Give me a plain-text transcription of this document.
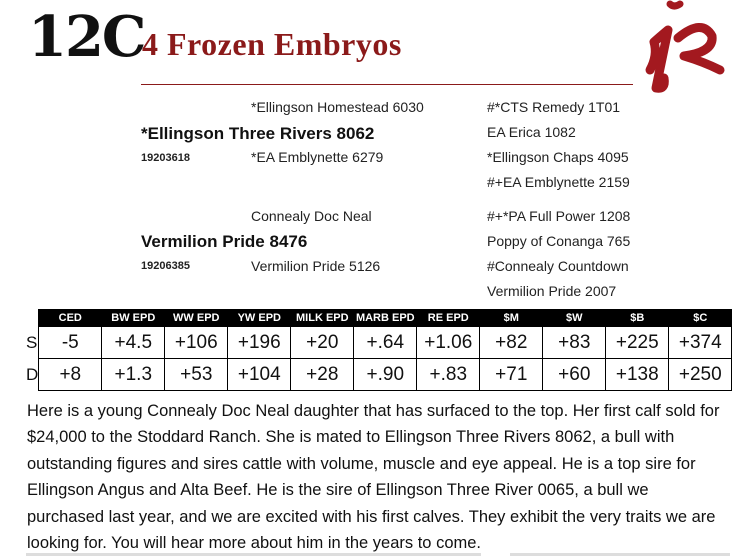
12C
4 Frozen Embryos
*Ellingson Homestead 6030
*Ellingson Three Rivers 8062
19203618	*EA Emblynette 6279
#*CTS Remedy 1T01
EA Erica 1082
*Ellingson Chaps 4095
#+EA Emblynette 2159
Connealy Doc Neal
Vermilion Pride 8476
19206385	Vermilion Pride 5126
#+*PA Full Power 1208
Poppy of Conanga 765
#Connealy Countdown
Vermilion Pride 2007
	CED	BW EPD	WW EPD	YW EPD	MILK EPD	MARB EPD	RE EPD	$M	$W	$B	$C
S	-5	+4.5	+106	+196	+20	+.64	+1.06	+82	+83	+225	+374
D	+8	+1.3	+53	+104	+28	+.90	+.83	+71	+60	+138	+250
Here is a young Connealy Doc Neal daughter that has surfaced to the top. Her first calf sold for $24,000 to the Stoddard Ranch. She is mated to Ellingson Three Rivers 8062, a bull with outstanding figures and sires cattle with volume, muscle and eye appeal. He is a top sire for Ellingson Angus and Alta Beef. He is the sire of Ellingson Three River 0065, a bull we purchased last year, and we are excited with his first calves. They exhibit the very traits we are looking for. You will hear more about him in the years to come.
